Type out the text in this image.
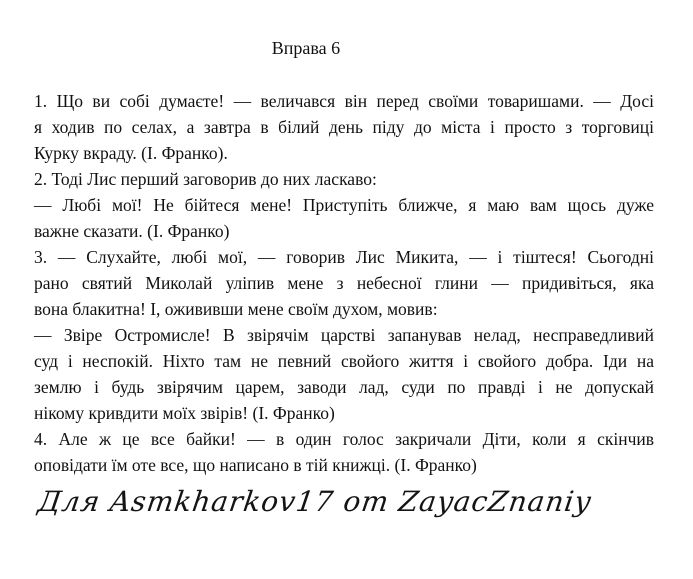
Вправа 6
1. Що ви собі думаєте! — величався він перед своїми товаришами. — Досі
я ходив по селах, а завтра в білий день піду до міста і просто з торговиці
Курку вкраду. (І. Франко).
2. Тоді Лис перший заговорив до них ласкаво:
— Любі мої! Не бійтеся мене! Приступіть ближче, я маю вам щось дуже
важне сказати. (І. Франко)
3. — Слухайте, любі мої, — говорив Лис Микита, — і тіштеся! Сьогодні
рано святий Миколай уліпив мене з небесної глини — придивіться, яка
вона блакитна! І, ожививши мене своїм духом, мовив:
— Звіре Остромисле! В звірячім царстві запанував нелад, несправедливий
суд і неспокій. Ніхто там не певний свойого життя і свойого добра. Іди на
землю і будь звірячим царем, заводи лад, суди по правді і не допускай
нікому кривдити моїх звірів! (І. Франко)
4. Але ж це все байки! — в один голос закричали Діти, коли я скінчив
оповідати їм оте все, що написано в тій книжці. (І. Франко)
Для Asmkharkov17 от ZayacZnaniy
